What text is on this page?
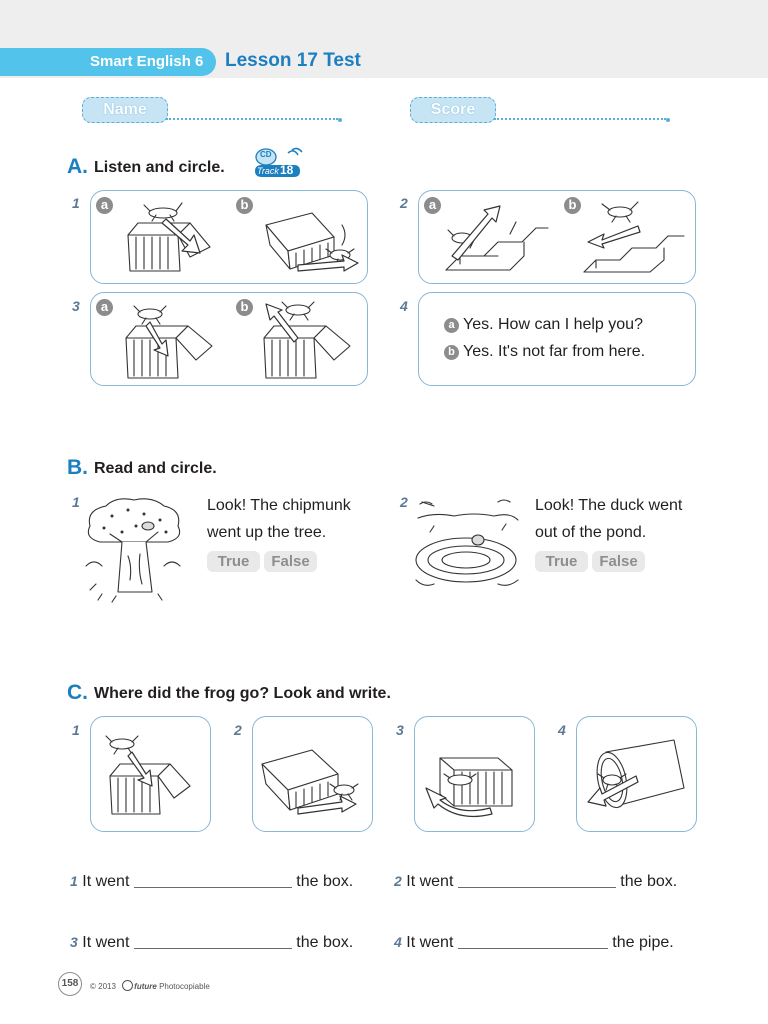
Smart English 6 Lesson 17 Test
Name	Score
A. Listen and circle.
CD
Track 18
1	a	b	2	a	b
3	a	b	4
a Yes. How can I help you?
b Yes. It's not far from here.
B. Read and circle.
1	Look! The chipmunk
went up the tree.
True	False
2	Look! The duck went
out of the pond.
True	False
C. Where did the frog go? Look and write.
1	2	3	4
1 It went	the box.	2 It went	the box.
3 It went	the box.	4 It went	the pipe.
158	© 2013 future Photocopiable
